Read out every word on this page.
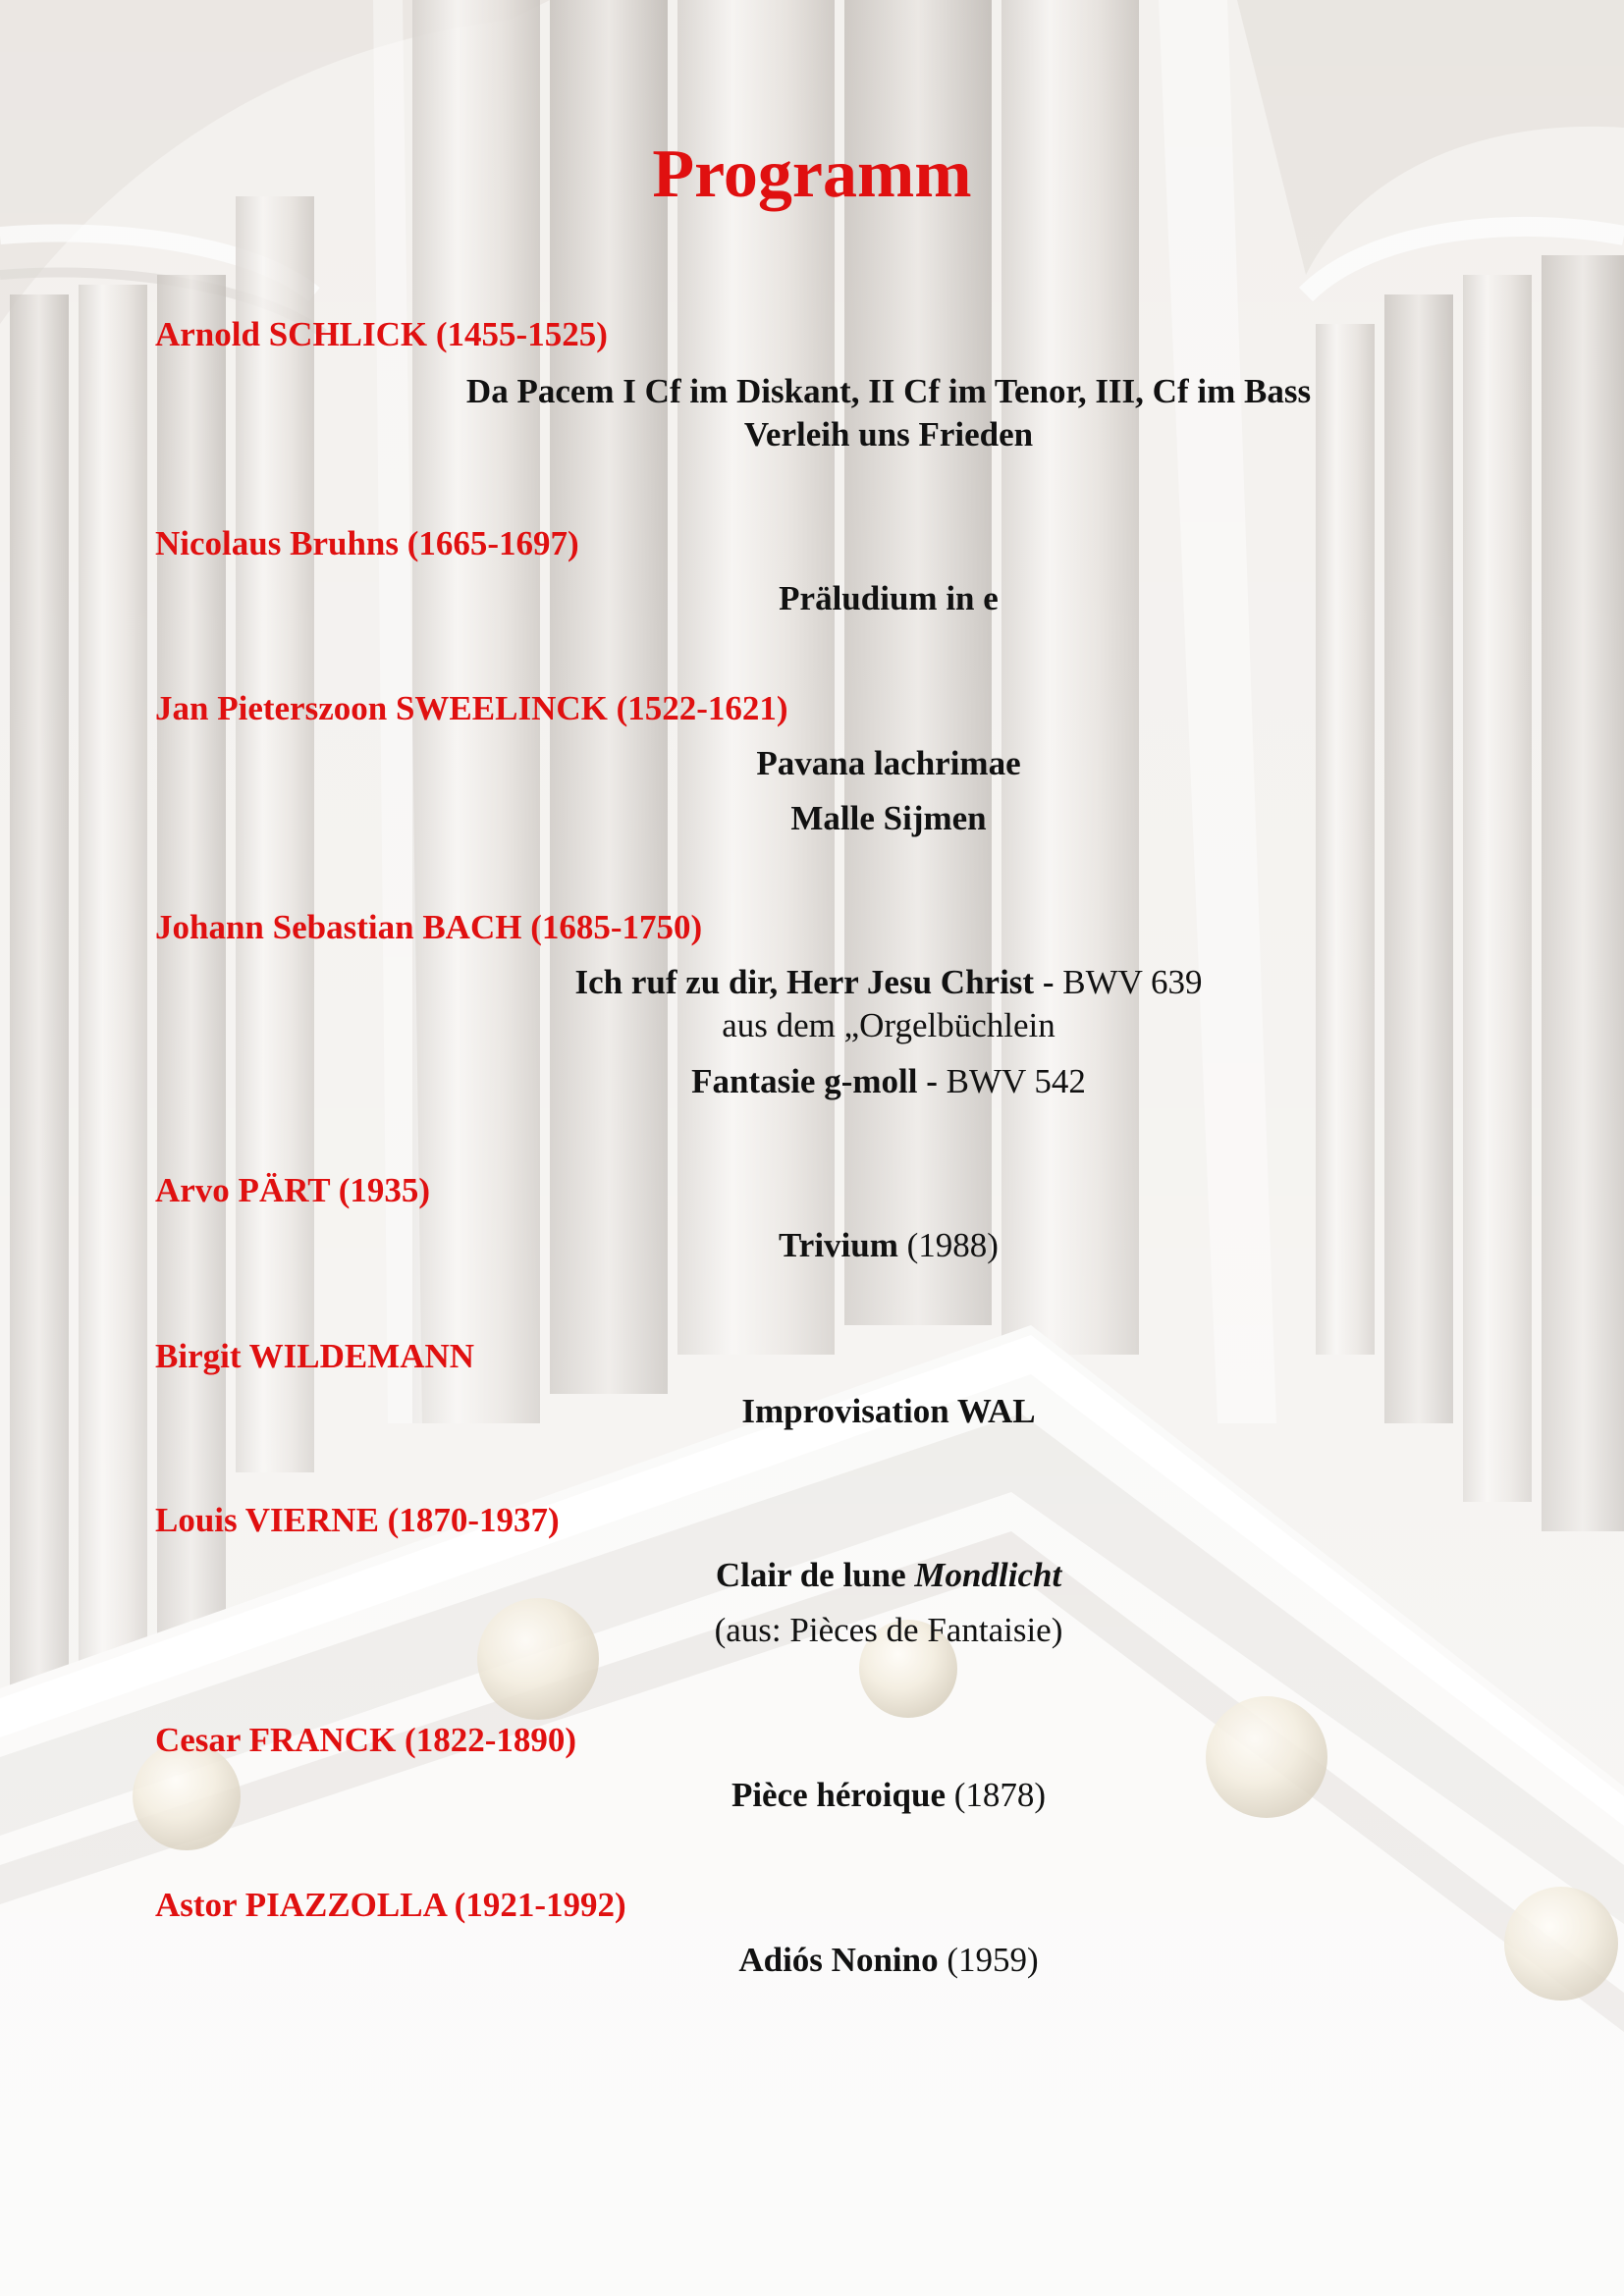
Programm
Arnold SCHLICK (1455-1525)
Da Pacem I Cf im Diskant, II Cf im Tenor, III, Cf im Bass
Verleih uns Frieden
Nicolaus Bruhns (1665-1697)
Präludium in e
Jan Pieterszoon SWEELINCK (1522-1621)
Pavana lachrimae
Malle Sijmen
Johann Sebastian BACH (1685-1750)
Ich ruf zu dir, Herr Jesu Christ - BWV 639
aus dem „Orgelbüchlein
Fantasie g-moll - BWV 542
Arvo PÄRT (1935)
Trivium (1988)
Birgit WILDEMANN
Improvisation WAL
Louis VIERNE (1870-1937)
Clair de lune Mondlicht
(aus: Pièces de Fantaisie)
Cesar FRANCK (1822-1890)
Pièce héroique (1878)
Astor PIAZZOLLA (1921-1992)
Adiós Nonino (1959)
